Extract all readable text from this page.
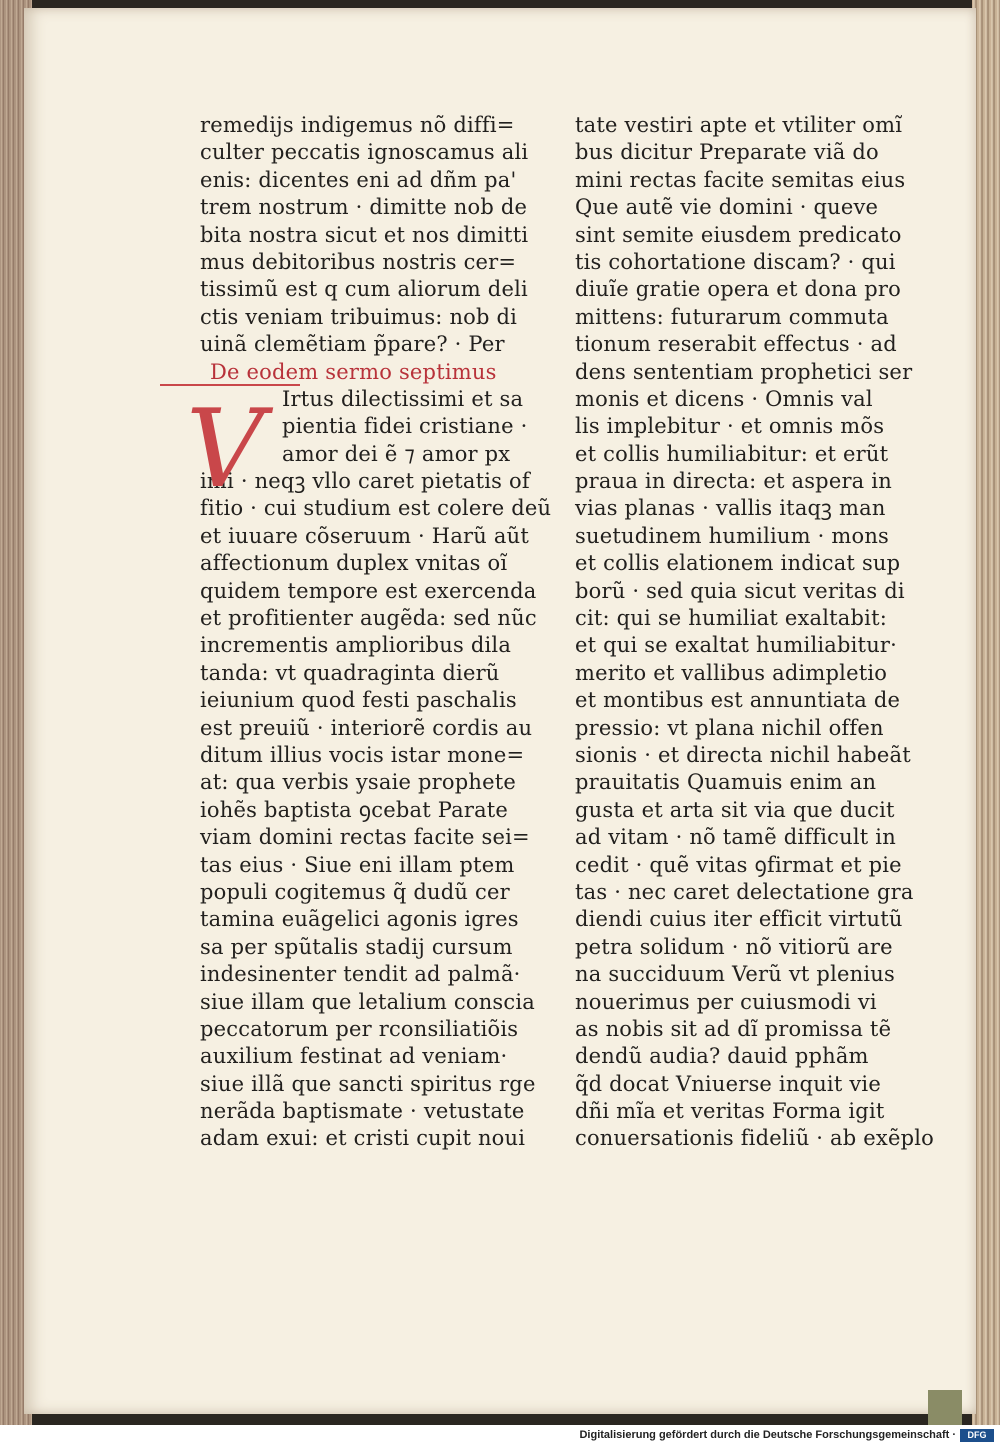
remedijs indigemus nõ diffi=
culter peccatis ignoscamus ali
enis: dicentes eni ad dñm pa'
trem nostrum · dimitte nob de
bita nostra sicut et nos dimitti
mus debitoribus nostris cer=
tissimũ est q cum aliorum deli
ctis veniam tribuimus: nob di
uinã clemẽtiam p̃pare? · Per
De eodem sermo septimus
V Irtus dilectissimi et sa
pientia fidei cristiane ·
amor dei ẽ ⁊ amor px
imi · neqꝫ vllo caret pietatis of
fitio · cui studium est colere deũ
et iuuare cõseruum · Harũ aũt
affectionum duplex vnitas oĩ
quidem tempore est exercenda
et profitienter augẽda: sed nũc
incrementis amplioribus dila
tanda: vt quadraginta dierũ
ieiunium quod festi paschalis
est preuiũ · interiorẽ cordis au
ditum illius vocis istar mone=
at: qua verbis ysaie prophete
iohẽs baptista ꝯcebat Parate
viam domini rectas facite sei=
tas eius · Siue eni illam ptem
populi cogitemus q̃ dudũ cer
tamina euãgelici agonis igres
sa per spũtalis stadij cursum
indesinenter tendit ad palmã·
siue illam que letalium conscia
peccatorum per rconsiliatiõis
auxilium festinat ad veniam·
siue illã que sancti spiritus rge
nerãda baptismate · vetustate
adam exui: et cristi cupit noui
tate vestiri apte et vtiliter omĩ
bus dicitur Preparate viã do
mini rectas facite semitas eius
Que autẽ vie domini · queve
sint semite eiusdem predicato
tis cohortatione discam? · qui
diuĩe gratie opera et dona pro
mittens: futurarum commuta
tionum reserabit effectus · ad
dens sententiam prophetici ser
monis et dicens · Omnis val
lis implebitur · et omnis mõs
et collis humiliabitur: et erũt
praua in directa: et aspera in
vias planas · vallis itaqꝫ man
suetudinem humilium · mons
et collis elationem indicat sup
borũ · sed quia sicut veritas di
cit: qui se humiliat exaltabit:
et qui se exaltat humiliabitur·
merito et vallibus adimpletio
et montibus est annuntiata de
pressio: vt plana nichil offen
sionis · et directa nichil habeãt
prauitatis Quamuis enim an
gusta et arta sit via que ducit
ad vitam · nõ tamẽ difficult in
cedit · quẽ vitas ꝯfirmat et pie
tas · nec caret delectatione gra
diendi cuius iter efficit virtutũ
petra solidum · nõ vitiorũ are
na succiduum Verũ vt plenius
nouerimus per cuiusmodi vi
as nobis sit ad dĩ promissa tẽ
dendũ audia? dauid pphãm
q̃d docat Vniuerse inquit vie
dñi mĩa et veritas Forma igit
conuersationis fideliũ · ab exẽplo
Digitalisierung gefördert durch die Deutsche Forschungsgemeinschaft ·	DFG
